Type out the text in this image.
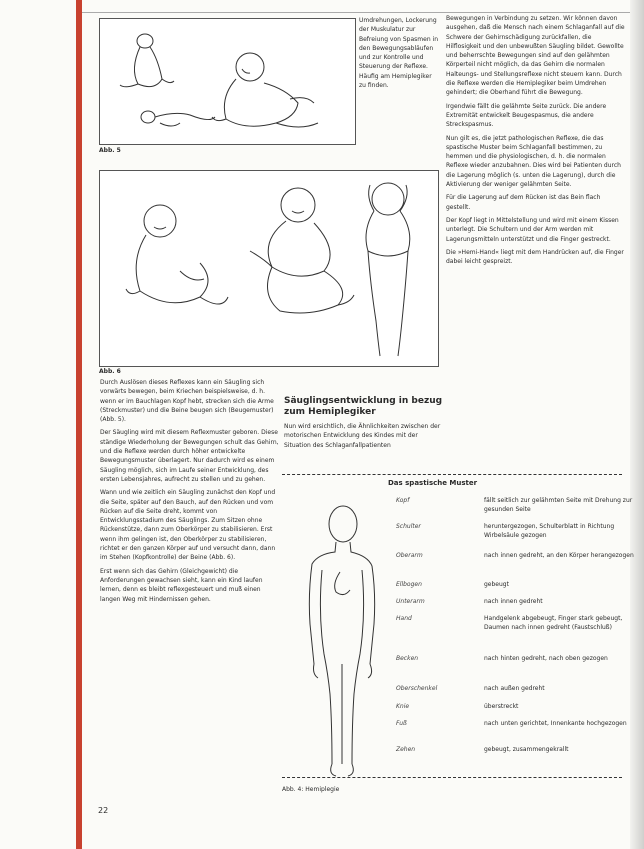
Abb. 5
Umdrehungen, Lockerung der Muskulatur zur Befreiung von Spasmen in den Bewegungsabläufen und zur Kontrolle und Steuerung der Reflexe. Häufig am Hemiplegiker zu finden.

Bewegungen in Verbindung zu setzen. Wir können davon ausgehen, daß die Mensch nach einem Schlaganfall auf die Schwere der Gehirnschädigung zurückfallen, die Hilflosigkeit und den unbewußten Säugling bildet. Gewollte und beherrschte Bewegungen sind auf den gelähmten Körperteil nicht möglich, da das Gehirn die normalen Halteungs- und Stellungsreflexe nicht steuern kann. Durch die Reflexe werden die Hemiplegiker beim Umdrehen gehindert; die Oberhand führt die Bewegung.

Irgendwie fällt die gelähmte Seite zurück. Die andere Extremität entwickelt Beugespasmus, die andere Streckspasmus.

Nun gilt es, die jetzt pathologischen Reflexe, die das spastische Muster beim Schlaganfall bestimmen, zu hemmen und die physiologischen, d. h. die normalen Reflexe wieder anzubahnen. Dies wird bei Patienten durch die Lagerung möglich (s. unten die Lagerung), durch die Aktivierung der weniger gelähmten Seite.

Für die Lagerung auf dem Rücken ist das Bein flach gestellt.

Der Kopf liegt in Mittelstellung und wird mit einem Kissen unterlegt. Die Schultern und der Arm werden mit Lagerungsmitteln unterstützt und die Finger gestreckt.

Die »Hemi-Hand« liegt mit dem Handrücken auf, die Finger dabei leicht gespreizt.

Abb. 6

Durch Auslösen dieses Reflexes kann ein Säugling sich vorwärts bewegen, beim Kriechen beispielsweise, d. h. wenn er im Bauchlagen Kopf hebt, strecken sich die Arme (Streckmuster) und die Beine beugen sich (Beugemuster) (Abb. 5).

Der Säugling wird mit diesem Reflexmuster geboren. Diese ständige Wiederholung der Bewegungen schult das Gehirn, und die Reflexe werden durch höher entwickelte Bewegungsmuster überlagert. Nur dadurch wird es einem Säugling möglich, sich im Laufe seiner Entwicklung, des ersten Lebensjahres, aufrecht zu stellen und zu gehen.

Wann und wie zeitlich ein Säugling zunächst den Kopf und die Seite, später auf den Bauch, auf den Rücken und vom Rücken auf die Seite dreht, kommt von Entwicklungsstadium des Säuglings. Zum Sitzen ohne Rückenstütze, dann zum Oberkörper zu stabilisieren. Erst wenn ihm gelingen ist, den Oberkörper zu stabilisieren, richtet er den ganzen Körper auf und versucht dann, dann im Stehen (Kopfkontrolle) der Beine (Abb. 6).

Erst wenn sich das Gehirn (Gleichgewicht) die Anforderungen gewachsen sieht, kann ein Kind laufen lernen, denn es bleibt reflexgesteuert und muß einen langen Weg mit Hindernissen gehen.

Säuglingsentwicklung in bezug zum Hemiplegiker
Nun wird ersichtlich, die Ähnlichkeiten zwischen der motorischen Entwicklung des Kindes mit der Situation des Schlaganfallpatienten
Das spastische Muster
Kopf	fällt seitlich zur gelähmten Seite mit Drehung zur gesunden Seite
Schulter	heruntergezogen, Schulterblatt in Richtung Wirbelsäule gezogen
Oberarm	nach innen gedreht, an den Körper herangezogen
Ellbogen	gebeugt
Unterarm	nach innen gedreht
Hand	Handgelenk abgebeugt, Finger stark gebeugt, Daumen nach innen gedreht (Faustschluß)
Becken	nach hinten gedreht, nach oben gezogen
Oberschenkel	nach außen gedreht
Knie	überstreckt
Fuß	nach unten gerichtet, Innenkante hochgezogen
Zehen	gebeugt, zusammengekrallt
Abb. 4: Hemiplegie
22
